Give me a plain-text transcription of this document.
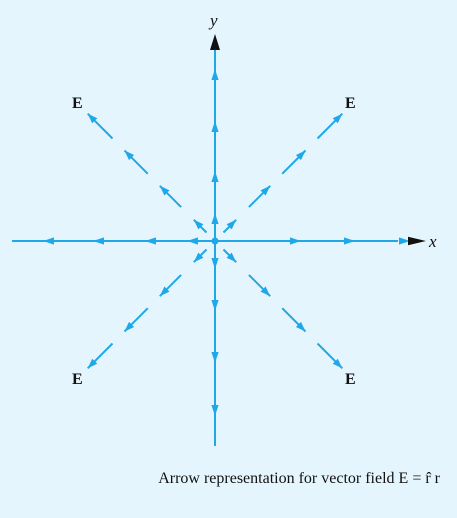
y
x
E	E
E	E
Arrow representation for vector field E = r̂ r
